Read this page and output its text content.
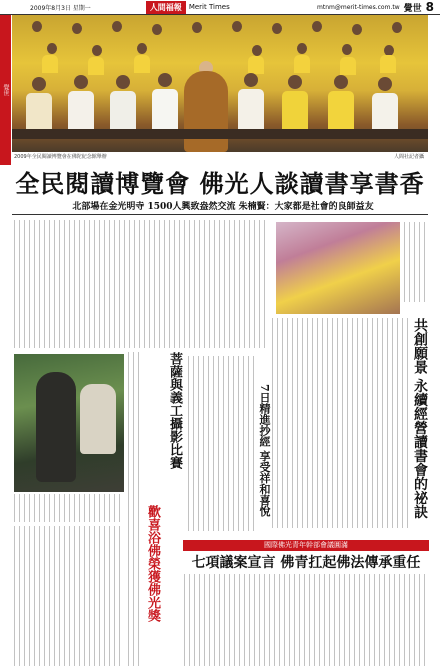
2009年8月3日 星期一	人間福報	Merit Times	mtnm@merit-times.com.tw 覺世 8
覺世
2009年全民閱讀博覽會在佛陀紀念館舉辦	人間社記者攝
全民閱讀博覽會 佛光人談讀書享書香
北部場在金光明寺 1500人興致盎然交流 朱楠賢：大家都是社會的良師益友
共創願景 永續經營讀書會的祕訣
7日精進抄經 享受祥和喜悅
菩薩與義工攝影比賽
歡喜浴佛榮獲佛光獎	國際佛光青年幹部會議圓滿
七項議案宣言 佛青扛起佛法傳承重任
